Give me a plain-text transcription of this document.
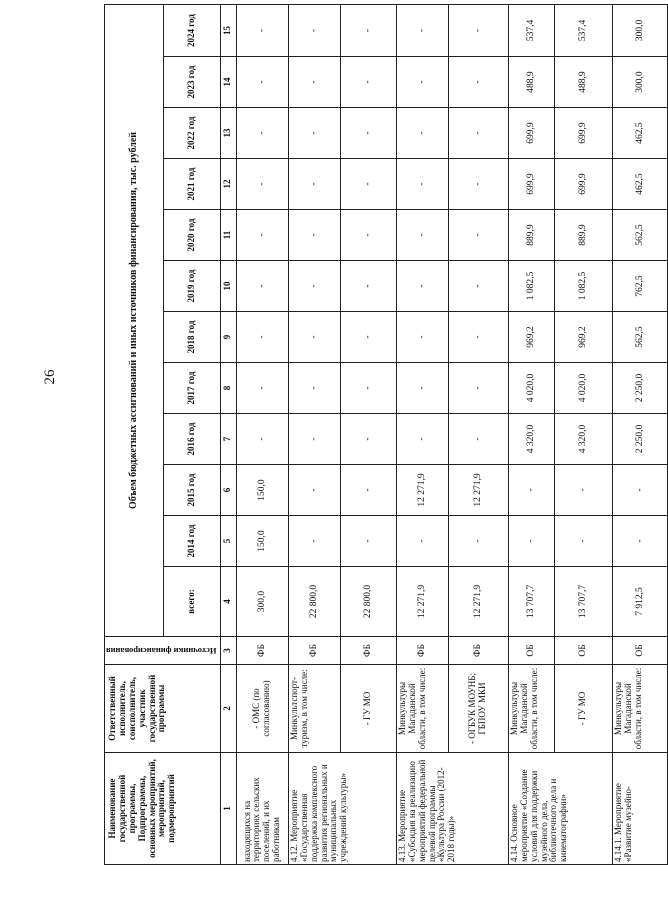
26
Наименование государственной программы, Подпрограммы, основных мероприятий, мероприятий, подмероприятий	Ответственный исполнитель, соисполнитель, участник государственной программы	Источники финансирования	Объем бюджетных ассигнований и иных источников финансирования, тыс. рублей											
			всего:	2014 год	2015 год	2016 год	2017 год	2018 год	2019 год	2020 год	2021 год	2022 год	2023 год	2024 год
1	2	3	4	5	6	7	8	9	10	11	12	13	14	15
находящихся на территориях сельских поселений, и их работникам	- ОМС (по согласованию)	ФБ	300,0	150,0	150,0	-	-	-	-	-	-	-	-	-
4.12. Мероприятие «Государственная поддержка комплексного развития региональных и муниципальных учреждений культуры»	Минкультспорт-туризм, в том числе:	ФБ	22 800,0	-	-	-	-	-	-	-	-	-	-	-
	- ГУ МО	ФБ	22 800,0	-	-	-	-	-	-	-	-	-	-	-
4.13. Мероприятие «Субсидия на реализацию мероприятий федеральной целевой программы «Культура России (2012-2018 годы)»	Минкультуры Магаданской области, в том числе:	ФБ	12 271,9	-	12 271,9	-	-	-	-	-	-	-	-	-
	- ОГБУК МОУНБ; ГБПОУ МКИ	ФБ	12 271,9	-	12 271,9	-	-	-	-	-	-	-	-	-
4.14. Основное мероприятие «Создание условий для поддержки музейного дела, библиотечного дела и кинематографии»	Минкультуры Магаданской области, в том числе:	ОБ	13 707,7	-	-	4 320,0	4 020,0	969,2	1 082,5	889,9	699,9	699,9	488,9	537,4
	- ГУ МО	ОБ	13 707,7	-	-	4 320,0	4 020,0	969,2	1 082,5	889,9	699,9	699,9	488,9	537,4
4.14.1. Мероприятие «Развитие музейно-	Минкультуры Магаданской области, в том числе:	ОБ	7 912,5	-	-	2 250,0	2 250,0	562,5	762,5	562,5	462,5	462,5	300,0	300,0
